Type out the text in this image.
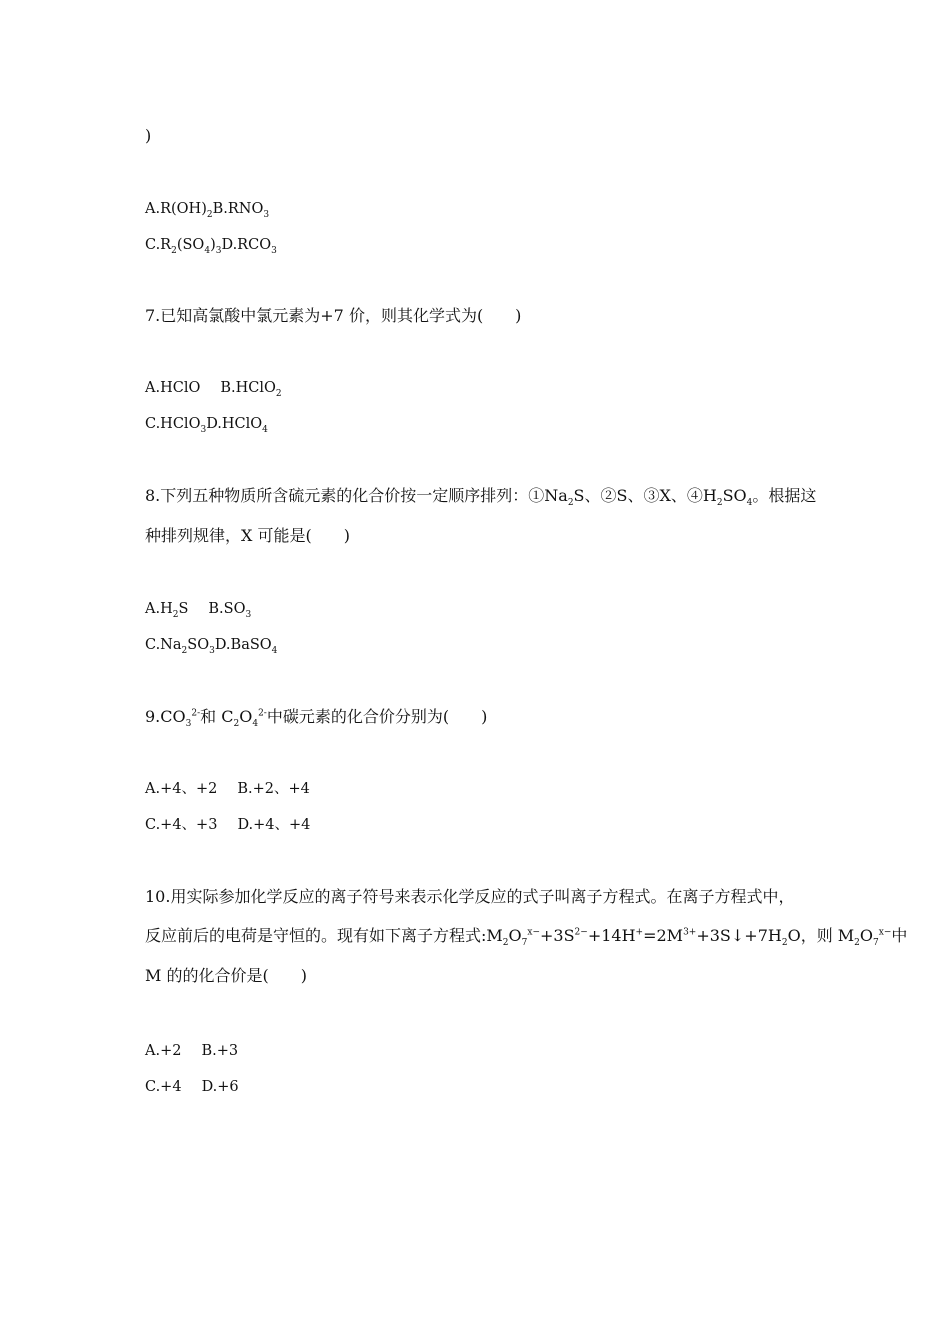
)
$A.R(OH)_2B.RNO_3$
$C.R_2(SO_4)_3D.RCO_3$
7.已知高氯酸中氯元素为+7 价，则其化学式为(　　)
A.HClO B.HClO$_2$
C.HClO$_3$D.HClO$_4$
8.下列五种物质所含硫元素的化合价按一定顺序排列：$①Na_2S$、②S、③X、$④H_2SO_4$。根据这
种排列规律，X 可能是(　　)
$A.H_2S$ $B.SO_3$
$C.Na_2SO_3D.BaSO_4$
$9.CO_3^{2-}$和 $C_2O_4^{2-}$中碳元素的化合价分别为(　　)
A.+4、+2 B.+2、+4
C.+4、+3 D.+4、+4
10.用实际参加化学反应的离子符号来表示化学反应的式子叫离子方程式。在离子方程式中，
反应前后的电荷是守恒的。现有如下离子方程式$:M_2O_7^{x-}+3S^{2-}+14H^+=2M^{3+}+3S↓+7H_2O$，则 $M_2O_7^{x-}$中
M 的的化合价是(　　)
A.+2 B.+3
C.+4 D.+6
